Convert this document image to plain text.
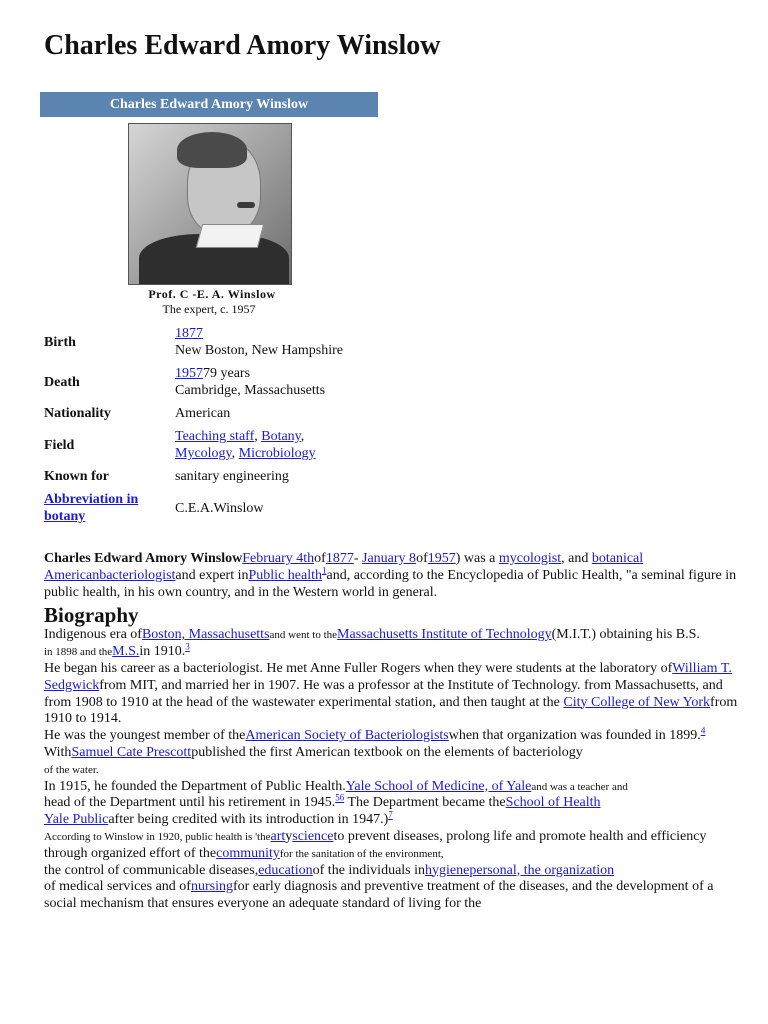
Charles Edward Amory Winslow
Charles Edward Amory Winslow
Prof. C -E. A. Winslow
The expert, c. 1957
Birth	1877
New Boston, New Hampshire
Death	195779 years
Cambridge, Massachusetts
Nationality	American
Field	Teaching staff, Botany,
Mycology, Microbiology
Known for	sanitary engineering
Abbreviation in botany	C.E.A.Winslow

Charles Edward Amory WinslowFebruary 4thof1877- January 8of1957) was a mycologist, and botanical Americanbacteriologistand expert inPublic health$^1$and, according to the Encyclopedia of Public Health, "a seminal figure in public health, in his own country, and in the Western world in general.

Biography

Indigenous era ofBoston, Massachusettsand went to theMassachusetts Institute of Technology(M.I.T.) obtaining his B.S.
in 1898 and theM.S.in 1910.$^3$

He began his career as a bacteriologist. He met Anne Fuller Rogers when they were students at the laboratory ofWilliam T. Sedgwickfrom MIT, and married her in 1907. He was a professor at the Institute of Technology. from Massachusetts, and from 1908 to 1910 at the head of the wastewater experimental station, and then taught at the City College of New Yorkfrom 1910 to 1914.

He was the youngest member of theAmerican Society of Bacteriologistswhen that organization was founded in 1899.$^4$

WithSamuel Cate Prescottpublished the first American textbook on the elements of bacteriology
of the water.

In 1915, he founded the Department of Public Health.Yale School of Medicine, of Yaleand was a teacher and
head of the Department until his retirement in 1945.56 The Department became theSchool of Health
Yale Publicafter being credited with its introduction in 1947.)$^7$

According to Winslow in 1920, public health is 'theartyscienceto prevent diseases, prolong life and promote health and efficiency through organized effort of thecommunityfor the sanitation of the environment,
the control of communicable diseases,educationof the individuals inhygienepersonal, the organization
of medical services and ofnursingfor early diagnosis and preventive treatment of the diseases, and the development of a social mechanism that ensures everyone an adequate standard of living for the
